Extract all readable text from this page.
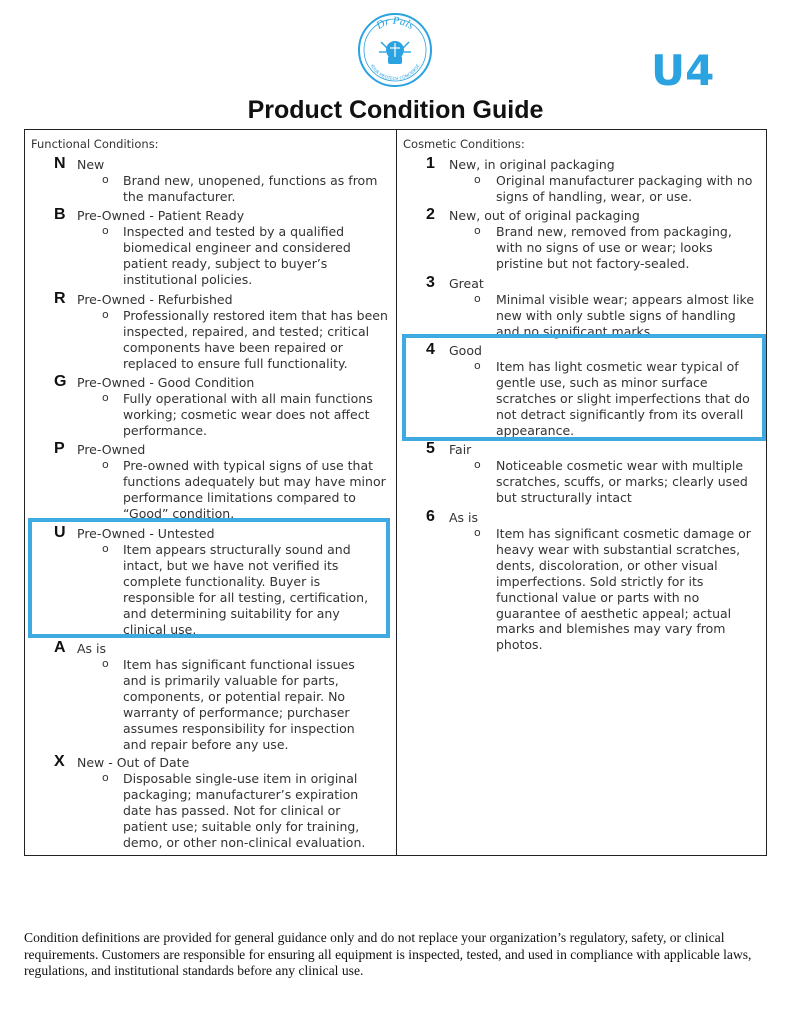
Dr Pals
YOUR MEDTECH CONCIERGE	U4
Product Condition Guide
Functional Conditions:
N New
o Brand new, unopened, functions as from the manufacturer.
B Pre-Owned - Patient Ready
o Inspected and tested by a qualified biomedical engineer and considered patient ready, subject to buyer’s institutional policies.
R Pre-Owned - Refurbished
o Professionally restored item that has been inspected, repaired, and tested; critical components have been repaired or replaced to ensure full functionality.
G Pre-Owned - Good Condition
o Fully operational with all main functions working; cosmetic wear does not affect performance.
P Pre-Owned
o Pre-owned with typical signs of use that functions adequately but may have minor performance limitations compared to “Good” condition.
U Pre-Owned - Untested
o Item appears structurally sound and intact, but we have not verified its complete functionality. Buyer is responsible for all testing, certification, and determining suitability for any clinical use.
A As is
o Item has significant functional issues and is primarily valuable for parts, components, or potential repair. No warranty of performance; purchaser assumes responsibility for inspection and repair before any use.
X New - Out of Date
o Disposable single-use item in original packaging; manufacturer’s expiration date has passed. Not for clinical or patient use; suitable only for training, demo, or other non-clinical evaluation.
Cosmetic Conditions:
1 New, in original packaging
o Original manufacturer packaging with no signs of handling, wear, or use.
2 New, out of original packaging
o Brand new, removed from packaging, with no signs of use or wear; looks pristine but not factory-sealed.
3 Great
o Minimal visible wear; appears almost like new with only subtle signs of handling and no significant marks.
4 Good
o Item has light cosmetic wear typical of gentle use, such as minor surface scratches or slight imperfections that do not detract significantly from its overall appearance.
5 Fair
o Noticeable cosmetic wear with multiple scratches, scuffs, or marks; clearly used but structurally intact
6 As is
o Item has significant cosmetic damage or heavy wear with substantial scratches, dents, discoloration, or other visual imperfections. Sold strictly for its functional value or parts with no guarantee of aesthetic appeal; actual marks and blemishes may vary from photos.
Condition definitions are provided for general guidance only and do not replace your organization’s regulatory, safety, or clinical requirements. Customers are responsible for ensuring all equipment is inspected, tested, and used in compliance with applicable laws, regulations, and institutional standards before any clinical use.
